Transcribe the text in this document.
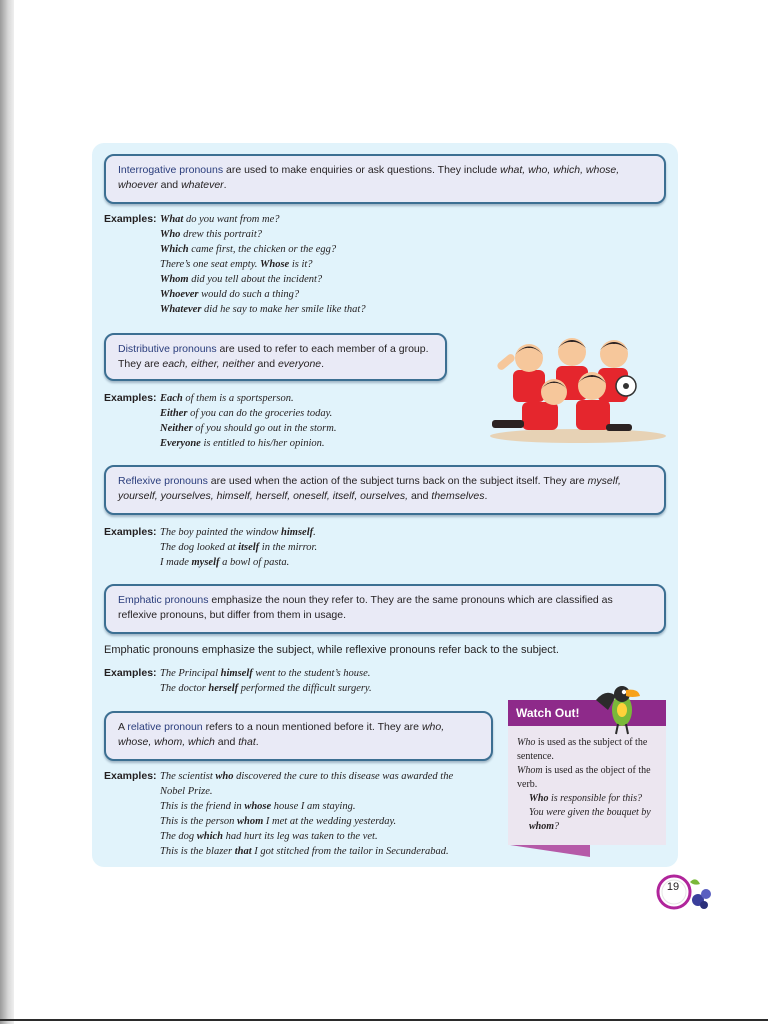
Interrogative pronouns are used to make enquiries or ask questions. They include what, who, which, whose, whoever and whatever.
Examples: What do you want from me?
Who drew this portrait?
Which came first, the chicken or the egg?
There’s one seat empty. Whose is it?
Whom did you tell about the incident?
Whoever would do such a thing?
Whatever did he say to make her smile like that?
Distributive pronouns are used to refer to each member of a group. They are each, either, neither and everyone.
Examples: Each of them is a sportsperson.
Either of you can do the groceries today.
Neither of you should go out in the storm.
Everyone is entitled to his/her opinion.
Reflexive pronouns are used when the action of the subject turns back on the subject itself. They are myself, yourself, yourselves, himself, herself, oneself, itself, ourselves, and themselves.
Examples: The boy painted the window himself.
The dog looked at itself in the mirror.
I made myself a bowl of pasta.
Emphatic pronouns emphasize the noun they refer to. They are the same pronouns which are classified as reflexive pronouns, but differ from them in usage.
Emphatic pronouns emphasize the subject, while reflexive pronouns refer back to the subject.
Examples: The Principal himself went to the student’s house.
The doctor herself performed the difficult surgery.
A relative pronoun refers to a noun mentioned before it. They are who, whose, whom, which and that.
Examples: The scientist who discovered the cure to this disease was awarded the
Nobel Prize.
This is the friend in whose house I am staying.
This is the person whom I met at the wedding yesterday.
The dog which had hurt its leg was taken to the vet.
This is the blazer that I got stitched from the tailor in Secunderabad.
Watch Out!
Who is used as the subject of the sentence.
Whom is used as the object of the verb.
Who is responsible for this?
You were given the bouquet by whom?
19
